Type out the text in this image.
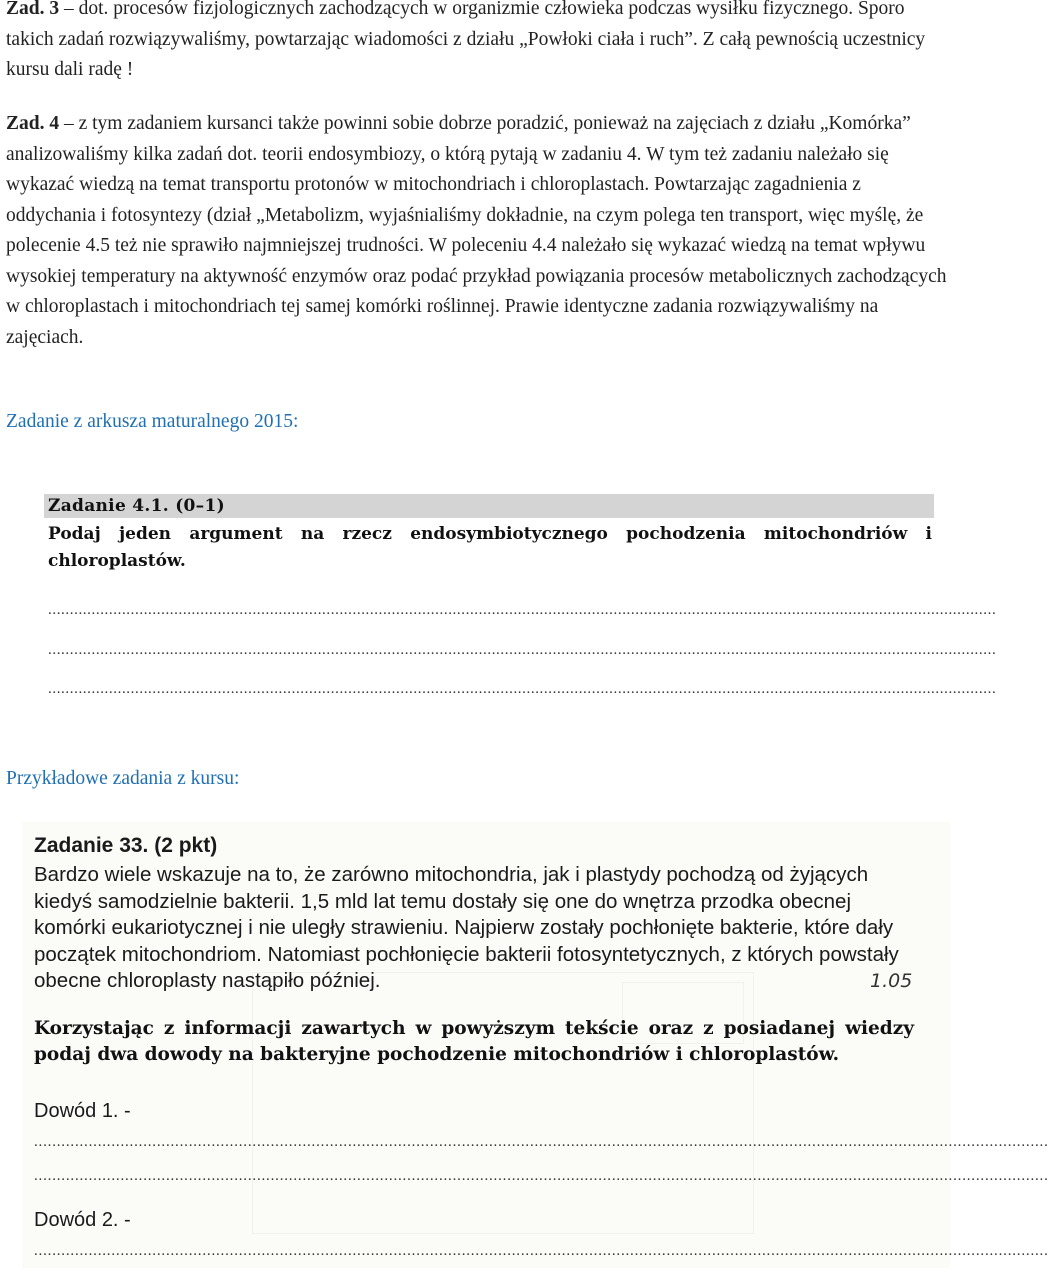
Zad. 3 – dot. procesów fizjologicznych zachodzących w organizmie człowieka podczas wysiłku fizycznego. Sporo takich zadań rozwiązywaliśmy, powtarzając wiadomości z działu „Powłoki ciała i ruch”. Z całą pewnością uczestnicy kursu dali radę !

Zad. 4 – z tym zadaniem kursanci także powinni sobie dobrze poradzić, ponieważ na zajęciach z działu „Komórka” analizowaliśmy kilka zadań dot. teorii endosymbiozy, o którą pytają w zadaniu 4. W tym też zadaniu należało się wykazać wiedzą na temat transportu protonów w mitochondriach i chloroplastach. Powtarzając zagadnienia z oddychania i fotosyntezy (dział „Metabolizm, wyjaśnialiśmy dokładnie, na czym polega ten transport, więc myślę, że polecenie 4.5 też nie sprawiło najmniejszej trudności. W poleceniu 4.4 należało się wykazać wiedzą na temat wpływu wysokiej temperatury na aktywność enzymów oraz podać przykład powiązania procesów metabolicznych zachodzących w chloroplastach i mitochondriach tej samej komórki roślinnej. Prawie identyczne zadania rozwiązywaliśmy na zajęciach.

Zadanie z arkusza maturalnego 2015:
Zadanie 4.1. (0–1)
Podaj jeden argument na rzecz endosymbiotycznego pochodzenia mitochondriów i chloroplastów.
..........................................................................................................................................................................................................................
..........................................................................................................................................................................................................................
..........................................................................................................................................................................................................................
Przykładowe zadania z kursu:
Zadanie 33. (2 pkt)
Bardzo wiele wskazuje na to, że zarówno mitochondria, jak i plastydy pochodzą od żyjących kiedyś samodzielnie bakterii. 1,5 mld lat temu dostały się one do wnętrza przodka obecnej komórki eukariotycznej i nie uległy strawieniu. Najpierw zostały pochłonięte bakterie, które dały początek mitochondriom. Natomiast pochłonięcie bakterii fotosyntetycznych, z których powstały obecne chloroplasty nastąpiło później.	1.05
Korzystając z informacji zawartych w powyższym tekście oraz z posiadanej wiedzy podaj dwa dowody na bakteryjne pochodzenie mitochondriów i chloroplastów.
Dowód 1. -
...............................................................................................................................................................................................................................
...............................................................................................................................................................................................................................
Dowód 2. -
...............................................................................................................................................................................................................................
